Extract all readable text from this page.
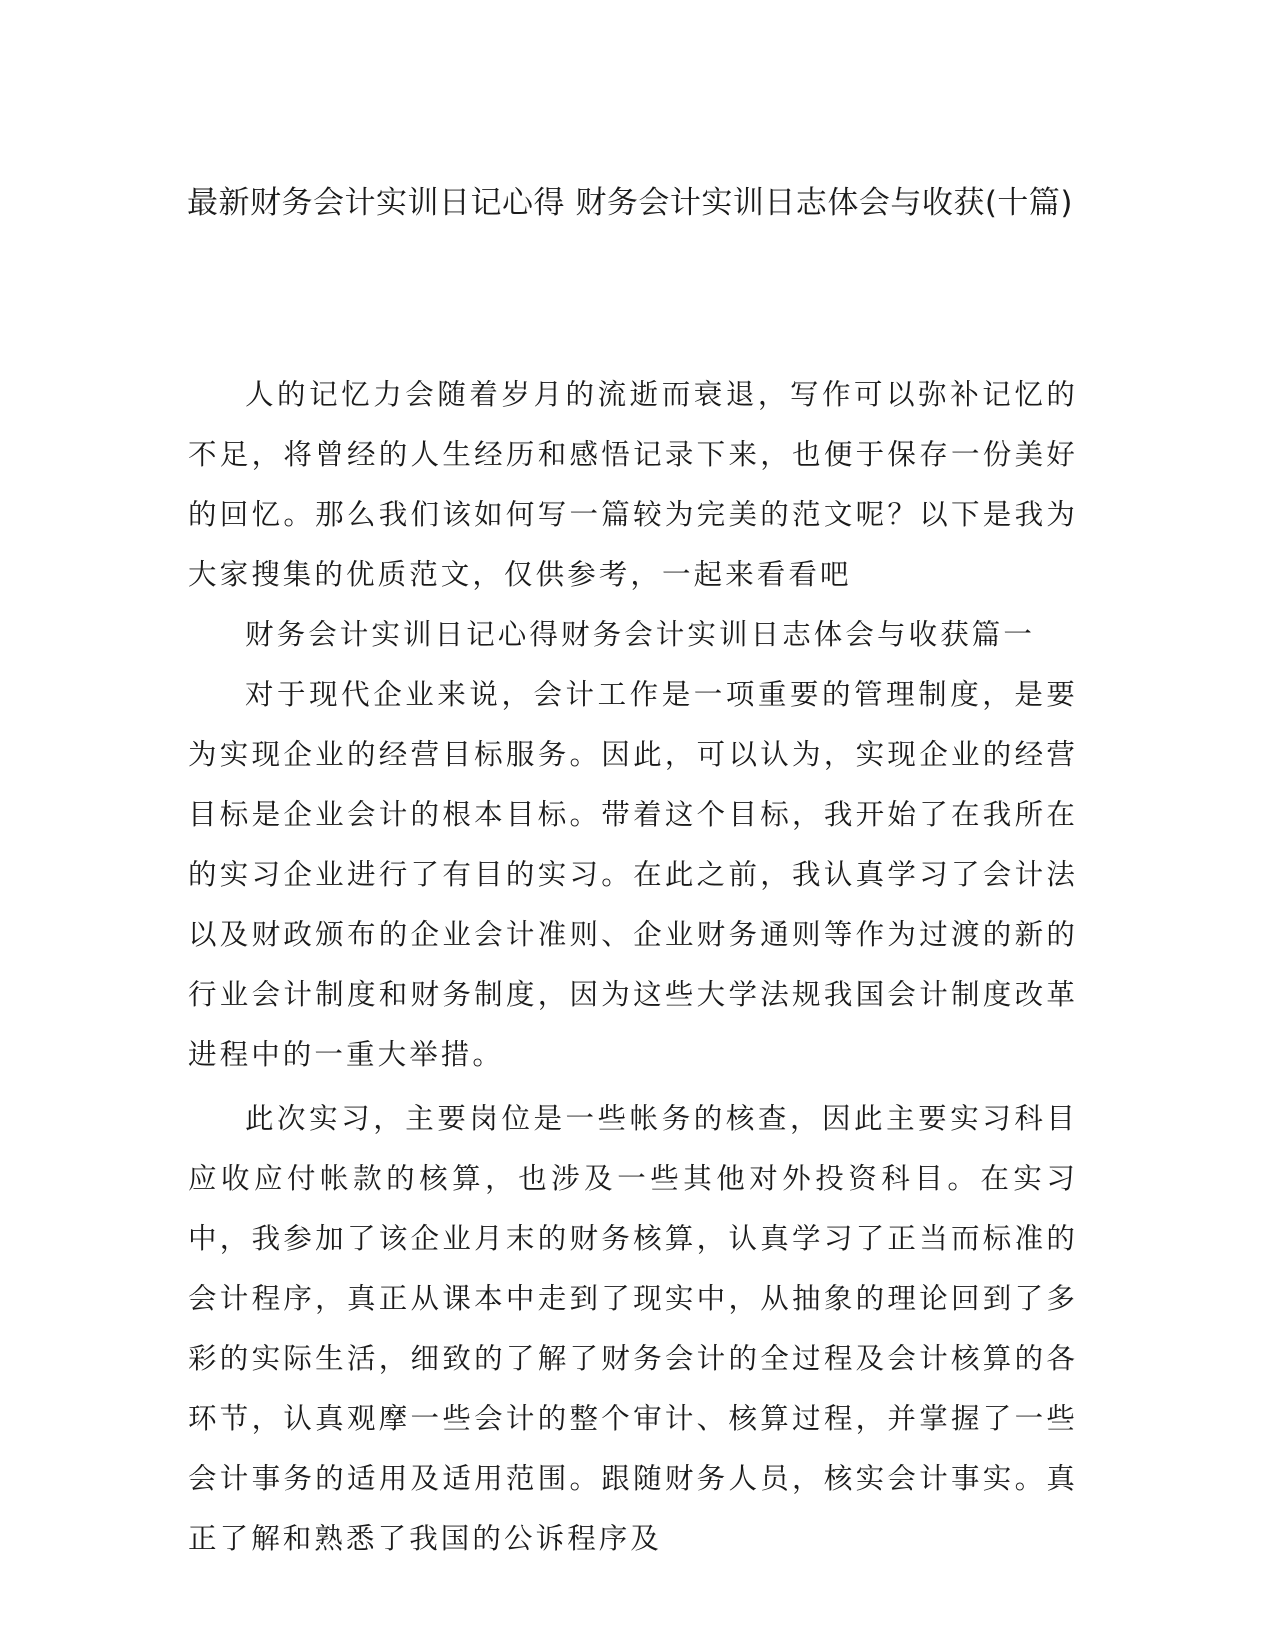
最新财务会计实训日记心得 财务会计实训日志体会与收获(十篇)

人的记忆力会随着岁月的流逝而衰退，写作可以弥补记忆的不足，将曾经的人生经历和感悟记录下来，也便于保存一份美好的回忆。那么我们该如何写一篇较为完美的范文呢？以下是我为大家搜集的优质范文，仅供参考，一起来看看吧

财务会计实训日记心得财务会计实训日志体会与收获篇一

对于现代企业来说，会计工作是一项重要的管理制度，是要为实现企业的经营目标服务。因此，可以认为，实现企业的经营目标是企业会计的根本目标。带着这个目标，我开始了在我所在的实习企业进行了有目的实习。在此之前，我认真学习了会计法以及财政颁布的企业会计准则、企业财务通则等作为过渡的新的行业会计制度和财务制度，因为这些大学法规我国会计制度改革进程中的一重大举措。

此次实习，主要岗位是一些帐务的核查，因此主要实习科目应收应付帐款的核算，也涉及一些其他对外投资科目。在实习中，我参加了该企业月末的财务核算，认真学习了正当而标准的会计程序，真正从课本中走到了现实中，从抽象的理论回到了多彩的实际生活，细致的了解了财务会计的全过程及会计核算的各环节，认真观摩一些会计的整个审计、核算过程，并掌握了一些会计事务的适用及适用范围。跟随财务人员，核实会计事实。真正了解和熟悉了我国的公诉程序及
